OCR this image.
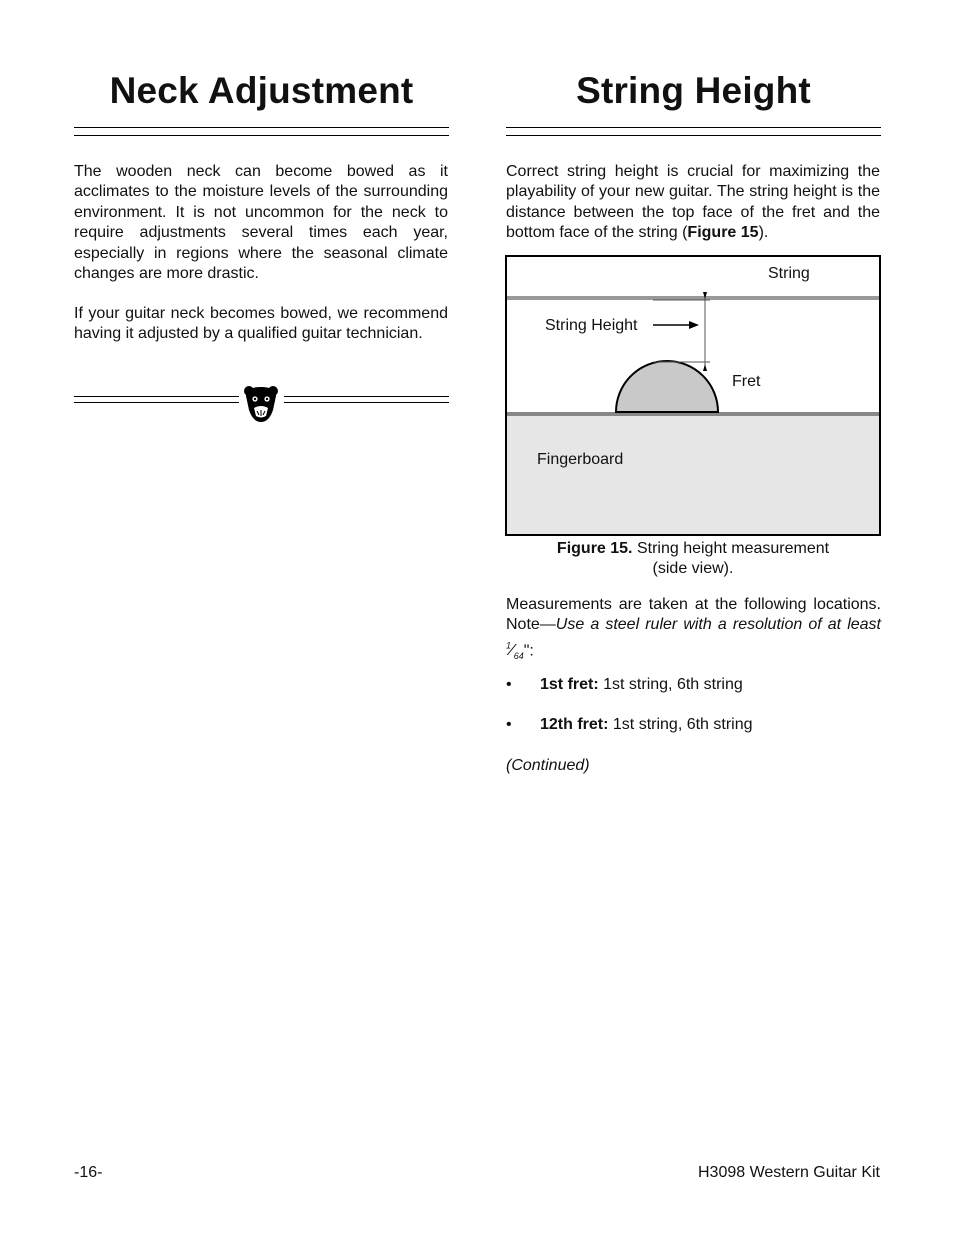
Neck Adjustment

The wooden neck can become bowed as it acclimates to the moisture levels of the surrounding environment. It is not uncommon for the neck to require adjustments several times each year, especially in regions where the seasonal climate changes are more drastic.

If your guitar neck becomes bowed, we recommend having it adjusted by a qualified guitar technician.

String Height

Correct string height is crucial for maximizing the playability of your new guitar. The string height is the distance between the top face of the fret and the bottom face of the string (Figure 15).

String
String Height
Fret
Fingerboard
Figure 15. String height measurement
(side view).

Measurements are taken at the following locations. Note—Use a steel ruler with a resolution of at least $^1⁄_{64}$":

•	1st fret: 1st string, 6th string
•	12th fret: 1st string, 6th string
(Continued)
-16-	H3098 Western Guitar Kit
